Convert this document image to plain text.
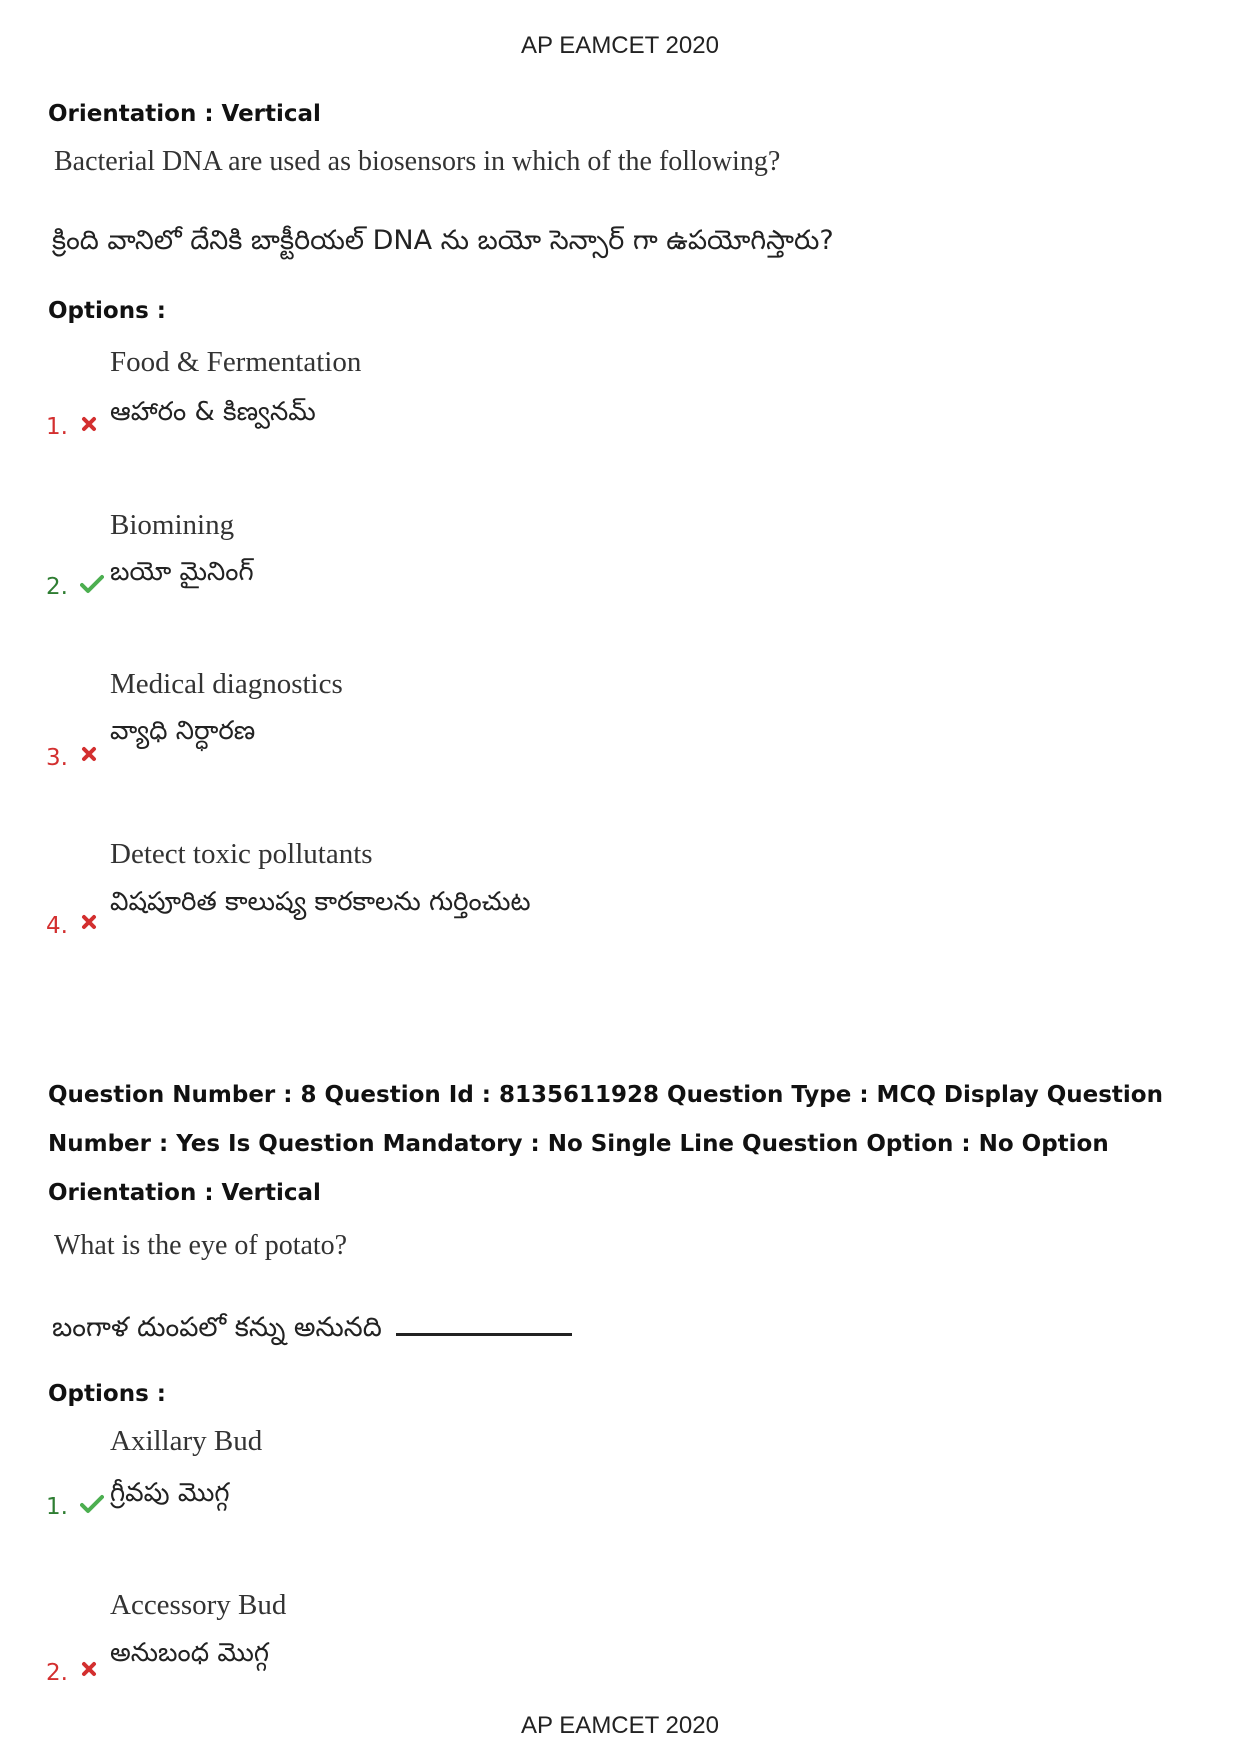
AP EAMCET 2020
Orientation : Vertical
Bacterial DNA are used as biosensors in which of the following?
క్రింది వానిలో దేనికి బాక్టీరియల్ DNA ను బయో సెన్సార్ గా ఉపయోగిస్తారు?
Options :
Food & Fermentation
ఆహారం & కిణ్వనమ్
1.
Biomining
బయో మైనింగ్
2.
Medical diagnostics
వ్యాధి నిర్ధారణ
3.
Detect toxic pollutants
విషపూరిత కాలుష్య కారకాలను గుర్తించుట
4.
Question Number : 8 Question Id : 8135611928 Question Type : MCQ Display Question
Number : Yes Is Question Mandatory : No Single Line Question Option : No Option
Orientation : Vertical
What is the eye of potato?
బంగాళ దుంపలో కన్ను అనునది
Options :
Axillary Bud
గ్రీవపు మొగ్గ
1.
Accessory Bud
అనుబంధ మొగ్గ
2.
AP EAMCET 2020
